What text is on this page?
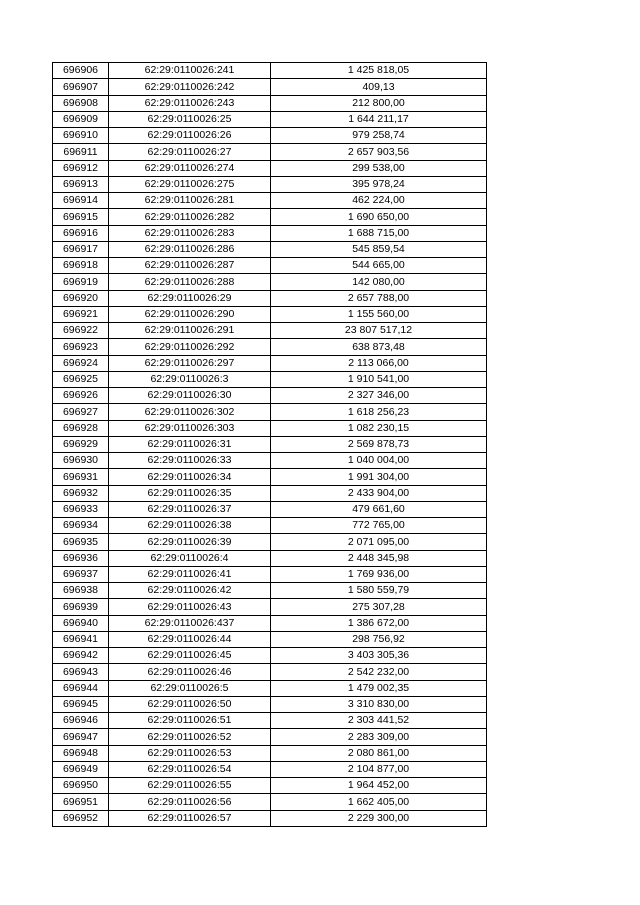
696906	62:29:0110026:241	1 425 818,05
696907	62:29:0110026:242	409,13
696908	62:29:0110026:243	212 800,00
696909	62:29:0110026:25	1 644 211,17
696910	62:29:0110026:26	979 258,74
696911	62:29:0110026:27	2 657 903,56
696912	62:29:0110026:274	299 538,00
696913	62:29:0110026:275	395 978,24
696914	62:29:0110026:281	462 224,00
696915	62:29:0110026:282	1 690 650,00
696916	62:29:0110026:283	1 688 715,00
696917	62:29:0110026:286	545 859,54
696918	62:29:0110026:287	544 665,00
696919	62:29:0110026:288	142 080,00
696920	62:29:0110026:29	2 657 788,00
696921	62:29:0110026:290	1 155 560,00
696922	62:29:0110026:291	23 807 517,12
696923	62:29:0110026:292	638 873,48
696924	62:29:0110026:297	2 113 066,00
696925	62:29:0110026:3	1 910 541,00
696926	62:29:0110026:30	2 327 346,00
696927	62:29:0110026:302	1 618 256,23
696928	62:29:0110026:303	1 082 230,15
696929	62:29:0110026:31	2 569 878,73
696930	62:29:0110026:33	1 040 004,00
696931	62:29:0110026:34	1 991 304,00
696932	62:29:0110026:35	2 433 904,00
696933	62:29:0110026:37	479 661,60
696934	62:29:0110026:38	772 765,00
696935	62:29:0110026:39	2 071 095,00
696936	62:29:0110026:4	2 448 345,98
696937	62:29:0110026:41	1 769 936,00
696938	62:29:0110026:42	1 580 559,79
696939	62:29:0110026:43	275 307,28
696940	62:29:0110026:437	1 386 672,00
696941	62:29:0110026:44	298 756,92
696942	62:29:0110026:45	3 403 305,36
696943	62:29:0110026:46	2 542 232,00
696944	62:29:0110026:5	1 479 002,35
696945	62:29:0110026:50	3 310 830,00
696946	62:29:0110026:51	2 303 441,52
696947	62:29:0110026:52	2 283 309,00
696948	62:29:0110026:53	2 080 861,00
696949	62:29:0110026:54	2 104 877,00
696950	62:29:0110026:55	1 964 452,00
696951	62:29:0110026:56	1 662 405,00
696952	62:29:0110026:57	2 229 300,00
